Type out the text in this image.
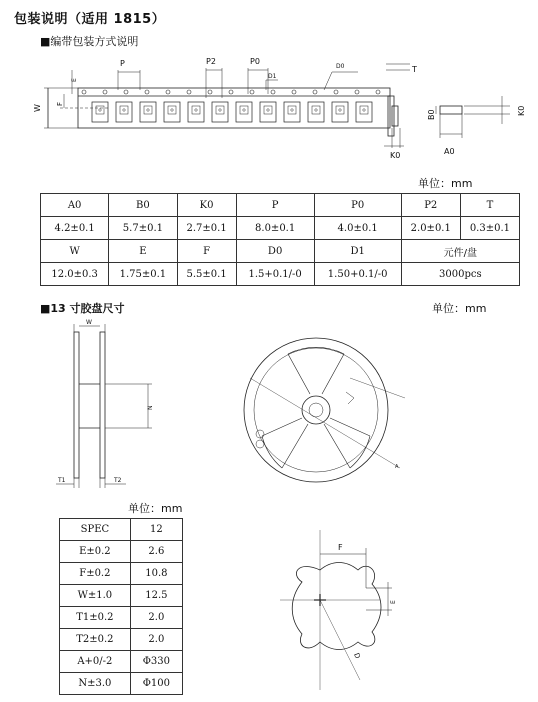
包装说明（适用 1815）
■编带包装方式说明
P	P2	P0
D1
D0	T
K0	A0
W
E
F
B0	K0
单位：mm
A0	B0	K0	P	P0	P2	T
4.2±0.1	5.7±0.1	2.7±0.1	8.0±0.1	4.0±0.1	2.0±0.1	0.3±0.1
W	E	F	D0	D1	元件/盘	
12.0±0.3	1.75±0.1	5.5±0.1	1.5+0.1/-0	1.50+0.1/-0	3000pcs	
■13 寸胶盘尺寸	单位：mm
W
N
T1	T2
A
单位：mm
SPEC	12
E±0.2	2.6
F±0.2	10.8
W±1.0	12.5
T1±0.2	2.0
T2±0.2	2.0
A+0/-2	Φ330
N±3.0	Φ100
F
E
D
